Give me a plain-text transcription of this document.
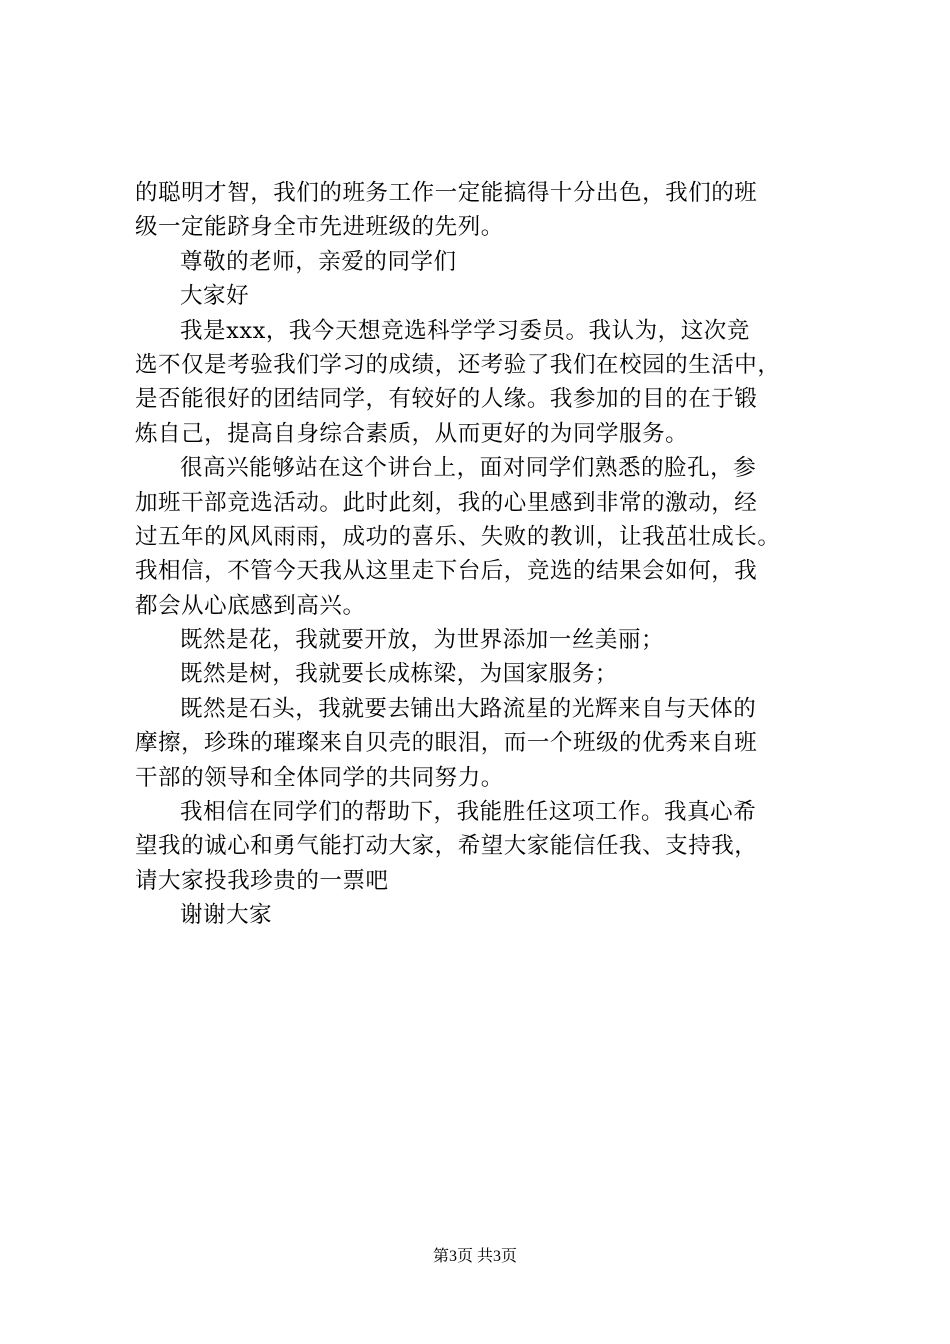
的聪明才智，我们的班务工作一定能搞得十分出色，我们的班
级一定能跻身全市先进班级的先列。
尊敬的老师，亲爱的同学们
大家好
我是xxx，我今天想竞选科学学习委员。我认为，这次竞
选不仅是考验我们学习的成绩，还考验了我们在校园的生活中，
是否能很好的团结同学，有较好的人缘。我参加的目的在于锻
炼自己，提高自身综合素质，从而更好的为同学服务。
很高兴能够站在这个讲台上，面对同学们熟悉的脸孔，参
加班干部竞选活动。此时此刻，我的心里感到非常的激动，经
过五年的风风雨雨，成功的喜乐、失败的教训，让我茁壮成长。
我相信，不管今天我从这里走下台后，竞选的结果会如何，我
都会从心底感到高兴。
既然是花，我就要开放，为世界添加一丝美丽；
既然是树，我就要长成栋梁，为国家服务；
既然是石头，我就要去铺出大路流星的光辉来自与天体的
摩擦，珍珠的璀璨来自贝壳的眼泪，而一个班级的优秀来自班
干部的领导和全体同学的共同努力。
我相信在同学们的帮助下，我能胜任这项工作。我真心希
望我的诚心和勇气能打动大家，希望大家能信任我、支持我，
请大家投我珍贵的一票吧
谢谢大家
第3页 共3页
